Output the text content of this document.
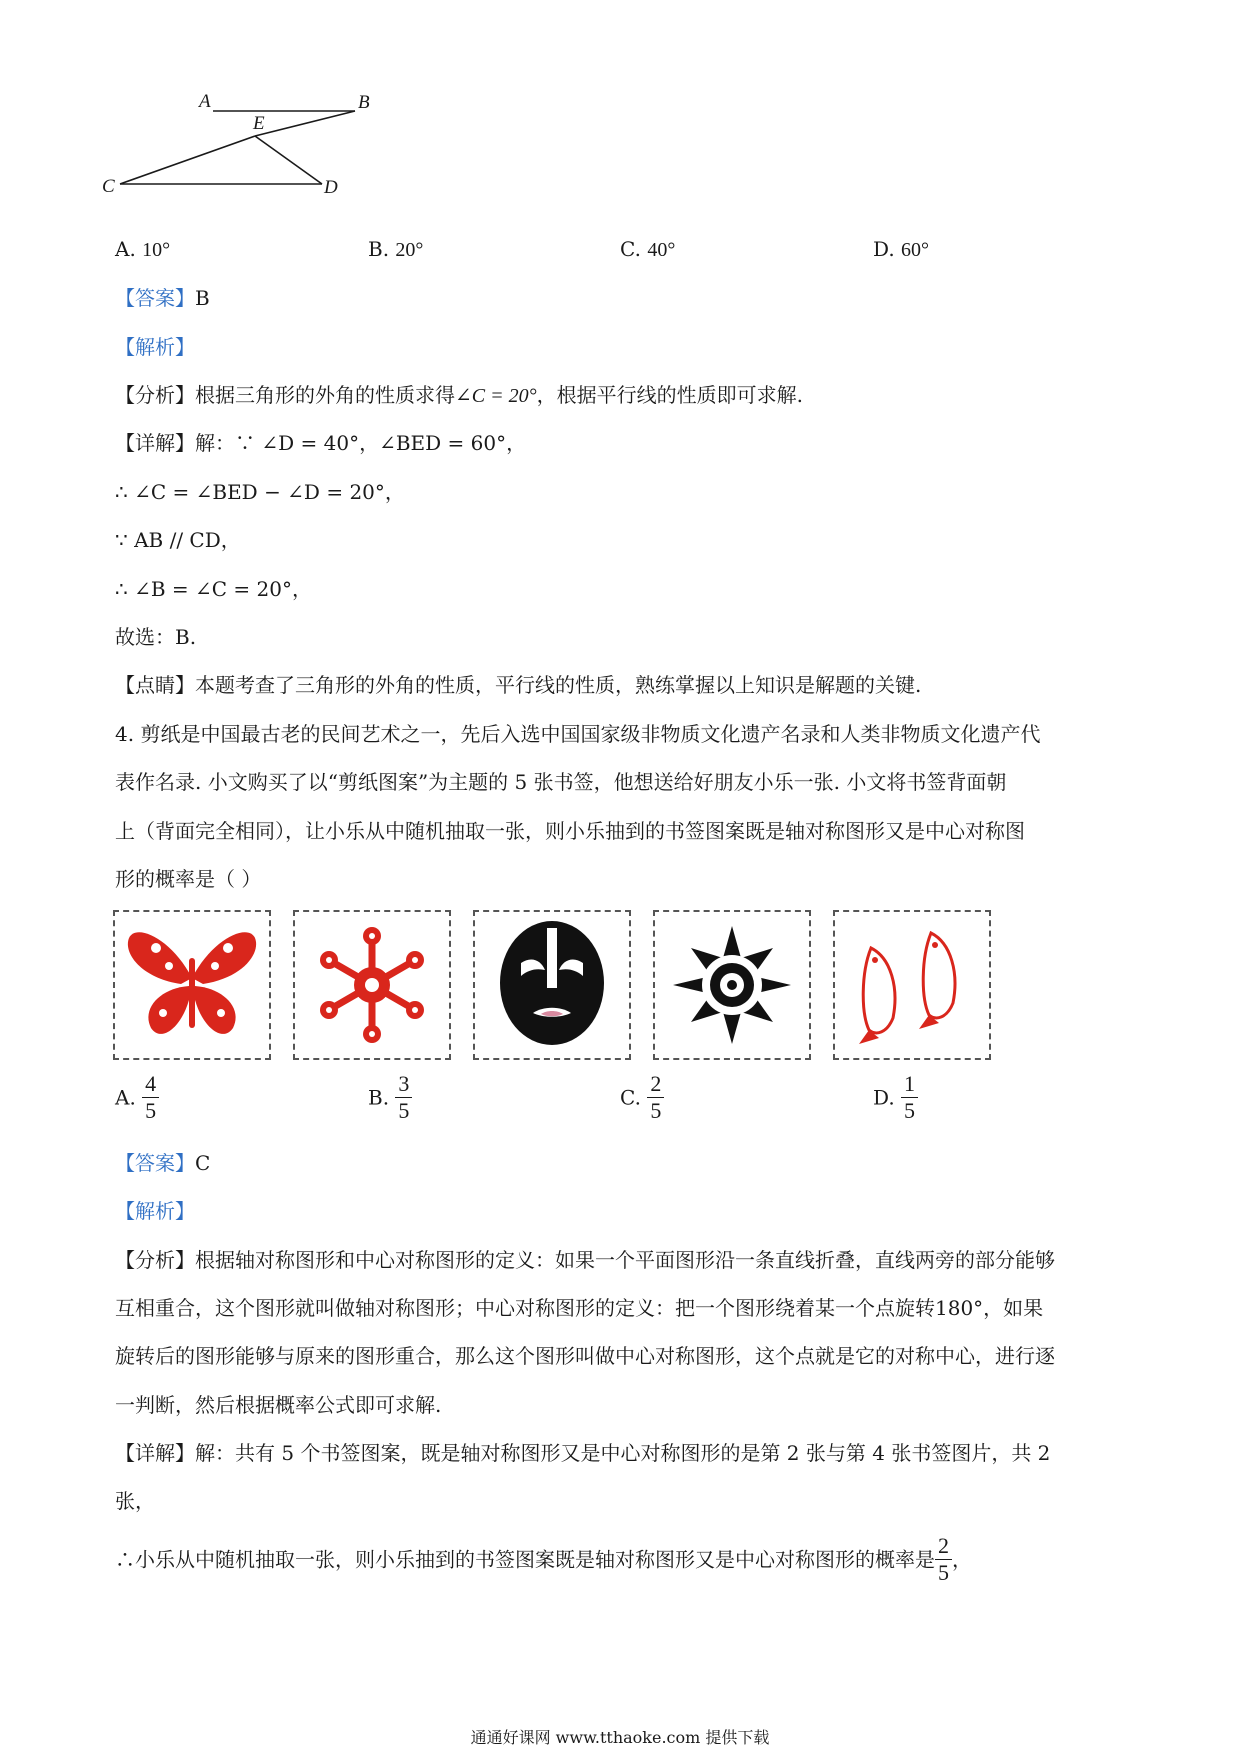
A	B
E
C	D
A. 10°	B. 20°	C. 40°	D. 60°
【答案】B
【解析】
【分析】根据三角形的外角的性质求得∠C = 20°，根据平行线的性质即可求解.
【详解】解：∵ ∠D = 40°，∠BED = 60°，
∴ ∠C = ∠BED − ∠D = 20°，
∵ AB // CD，
∴ ∠B = ∠C = 20°，
故选：B.
【点睛】本题考查了三角形的外角的性质，平行线的性质，熟练掌握以上知识是解题的关键.
4. 剪纸是中国最古老的民间艺术之一，先后入选中国国家级非物质文化遗产名录和人类非物质文化遗产代
表作名录. 小文购买了以“剪纸图案”为主题的 5 张书签，他想送给好朋友小乐一张. 小文将书签背面朝
上（背面完全相同），让小乐从中随机抽取一张，则小乐抽到的书签图案既是轴对称图形又是中心对称图
形的概率是（ ）
A. $\frac{4}{5}$	B. $\frac{3}{5}$	C. $\frac{2}{5}$	D. $\frac{1}{5}$
【答案】C
【解析】
【分析】根据轴对称图形和中心对称图形的定义：如果一个平面图形沿一条直线折叠，直线两旁的部分能够
互相重合，这个图形就叫做轴对称图形；中心对称图形的定义：把一个图形绕着某一个点旋转180°，如果
旋转后的图形能够与原来的图形重合，那么这个图形叫做中心对称图形，这个点就是它的对称中心，进行逐
一判断，然后根据概率公式即可求解.
【详解】解：共有 5 个书签图案，既是轴对称图形又是中心对称图形的是第 2 张与第 4 张书签图片，共 2
张，
∴小乐从中随机抽取一张，则小乐抽到的书签图案既是轴对称图形又是中心对称图形的概率是 $\frac{2}{5}$ ，
通通好课网 www.tthaoke.com 提供下载
